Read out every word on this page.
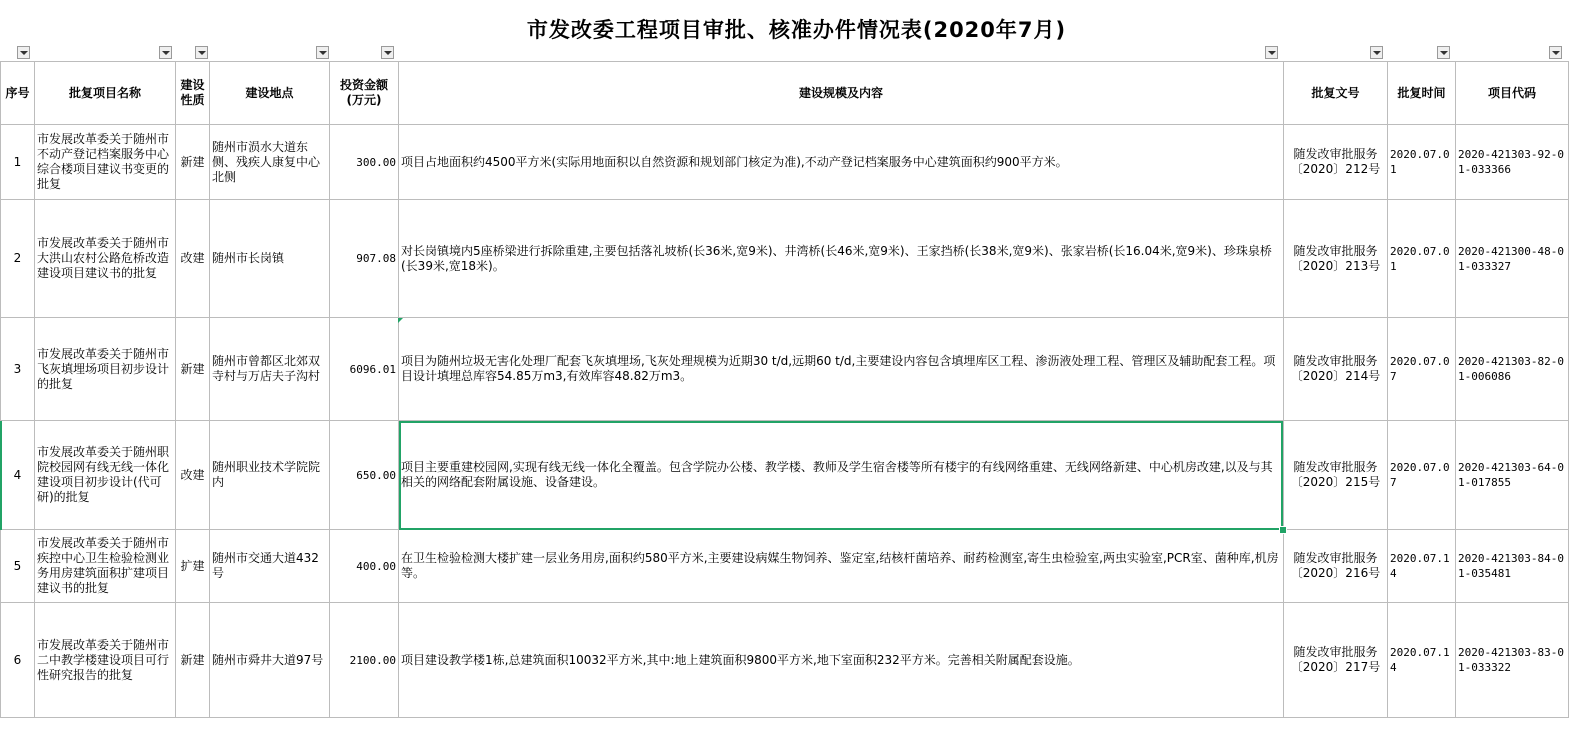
市发改委工程项目审批、核准办件情况表(2020年7月)
序号	批复项目名称	建设性质	建设地点	投资金额(万元)	建设规模及内容	批复文号	批复时间	项目代码
1	市发展改革委关于随州市不动产登记档案服务中心综合楼项目建议书变更的批复	新建	随州市涢水大道东侧、残疾人康复中心北侧	300.00	项目占地面积约4500平方米(实际用地面积以自然资源和规划部门核定为准),不动产登记档案服务中心建筑面积约900平方米。	随发改审批服务〔2020〕212号	2020.07.01	2020-421303-92-01-033366
2	市发展改革委关于随州市大洪山农村公路危桥改造建设项目建议书的批复	改建	随州市长岗镇	907.08	对长岗镇境内5座桥梁进行拆除重建,主要包括落礼坡桥(长36米,宽9米)、井湾桥(长46米,宽9米)、王家挡桥(长38米,宽9米)、张家岩桥(长16.04米,宽9米)、珍珠泉桥(长39米,宽18米)。	随发改审批服务〔2020〕213号	2020.07.01	2020-421300-48-01-033327
3	市发展改革委关于随州市飞灰填埋场项目初步设计的批复	新建	随州市曾都区北郊双寺村与万店夫子沟村	6096.01	项目为随州垃圾无害化处理厂配套飞灰填埋场,飞灰处理规模为近期30 t/d,远期60 t/d,主要建设内容包含填埋库区工程、渗沥液处理工程、管理区及辅助配套工程。项目设计填埋总库容54.85万m3,有效库容48.82万m3。	随发改审批服务〔2020〕214号	2020.07.07	2020-421303-82-01-006086
4	市发展改革委关于随州职院校园网有线无线一体化建设项目初步设计(代可研)的批复	改建	随州职业技术学院院内	650.00	项目主要重建校园网,实现有线无线一体化全覆盖。包含学院办公楼、教学楼、教师及学生宿舍楼等所有楼宇的有线网络重建、无线网络新建、中心机房改建,以及与其相关的网络配套附属设施、设备建设。	随发改审批服务〔2020〕215号	2020.07.07	2020-421303-64-01-017855
5	市发展改革委关于随州市疾控中心卫生检验检测业务用房建筑面积扩建项目建议书的批复	扩建	随州市交通大道432号	400.00	在卫生检验检测大楼扩建一层业务用房,面积约580平方米,主要建设病媒生物饲养、鉴定室,结核杆菌培养、耐药检测室,寄生虫检验室,两虫实验室,PCR室、菌种库,机房等。	随发改审批服务〔2020〕216号	2020.07.14	2020-421303-84-01-035481
6	市发展改革委关于随州市二中教学楼建设项目可行性研究报告的批复	新建	随州市舜井大道97号	2100.00	项目建设教学楼1栋,总建筑面积10032平方米,其中:地上建筑面积9800平方米,地下室面积232平方米。完善相关附属配套设施。	随发改审批服务〔2020〕217号	2020.07.14	2020-421303-83-01-033322
